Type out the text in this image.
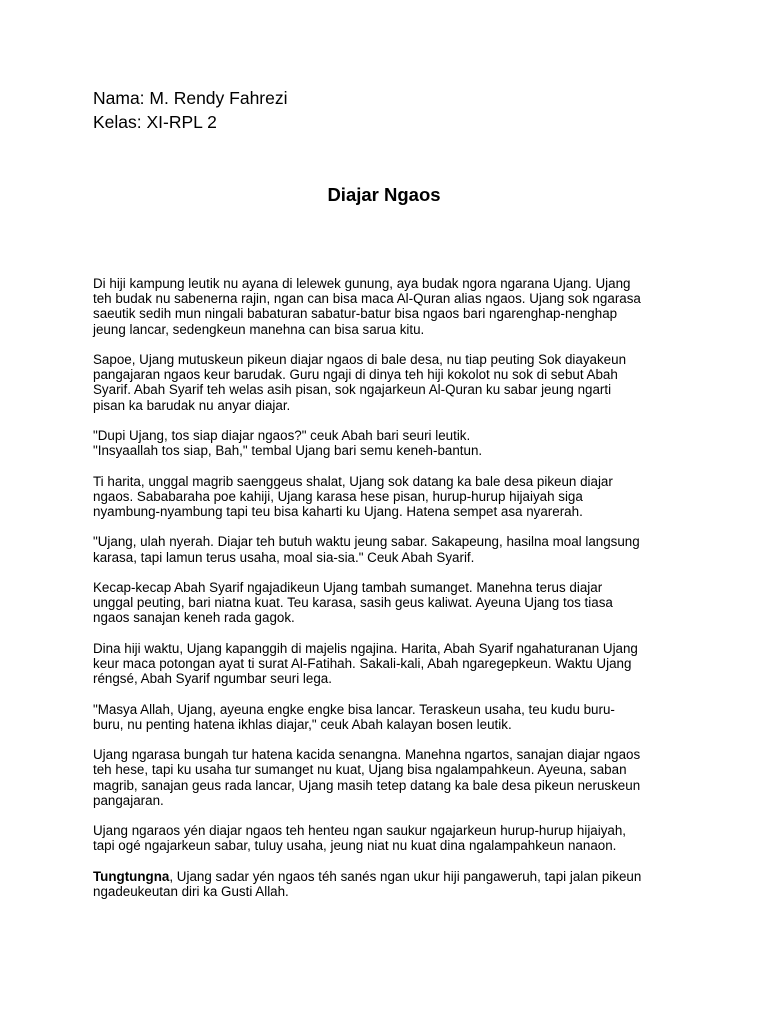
Nama: M. Rendy Fahrezi
Kelas: XI-RPL 2
Diajar Ngaos

Di hiji kampung leutik nu ayana di lelewek gunung, aya budak ngora ngarana Ujang. Ujang
teh budak nu sabenerna rajin, ngan can bisa maca Al-Quran alias ngaos. Ujang sok ngarasa
saeutik sedih mun ningali babaturan sabatur-batur bisa ngaos bari ngarenghap-nenghap
jeung lancar, sedengkeun manehna can bisa sarua kitu.

Sapoe, Ujang mutuskeun pikeun diajar ngaos di bale desa, nu tiap peuting Sok diayakeun
pangajaran ngaos keur barudak. Guru ngaji di dinya teh hiji kokolot nu sok di sebut Abah
Syarif. Abah Syarif teh welas asih pisan, sok ngajarkeun Al-Quran ku sabar jeung ngarti
pisan ka barudak nu anyar diajar.

"Dupi Ujang, tos siap diajar ngaos?" ceuk Abah bari seuri leutik.
"Insyaallah tos siap, Bah," tembal Ujang bari semu keneh-bantun.

Ti harita, unggal magrib saenggeus shalat, Ujang sok datang ka bale desa pikeun diajar
ngaos. Sababaraha poe kahiji, Ujang karasa hese pisan, hurup-hurup hijaiyah siga
nyambung-nyambung tapi teu bisa kaharti ku Ujang. Hatena sempet asa nyarerah.

"Ujang, ulah nyerah. Diajar teh butuh waktu jeung sabar. Sakapeung, hasilna moal langsung
karasa, tapi lamun terus usaha, moal sia-sia." Ceuk Abah Syarif.

Kecap-kecap Abah Syarif ngajadikeun Ujang tambah sumanget. Manehna terus diajar
unggal peuting, bari niatna kuat. Teu karasa, sasih geus kaliwat. Ayeuna Ujang tos tiasa
ngaos sanajan keneh rada gagok.

Dina hiji waktu, Ujang kapanggih di majelis ngajina. Harita, Abah Syarif ngahaturanan Ujang
keur maca potongan ayat ti surat Al-Fatihah. Sakali-kali, Abah ngaregepkeun. Waktu Ujang
réngsé, Abah Syarif ngumbar seuri lega.

"Masya Allah, Ujang, ayeuna engke engke bisa lancar. Teraskeun usaha, teu kudu buru-
buru, nu penting hatena ikhlas diajar," ceuk Abah kalayan bosen leutik.

Ujang ngarasa bungah tur hatena kacida senangna. Manehna ngartos, sanajan diajar ngaos
teh hese, tapi ku usaha tur sumanget nu kuat, Ujang bisa ngalampahkeun. Ayeuna, saban
magrib, sanajan geus rada lancar, Ujang masih tetep datang ka bale desa pikeun neruskeun
pangajaran.

Ujang ngaraos yén diajar ngaos teh henteu ngan saukur ngajarkeun hurup-hurup hijaiyah,
tapi ogé ngajarkeun sabar, tuluy usaha, jeung niat nu kuat dina ngalampahkeun nanaon.

Tungtungna, Ujang sadar yén ngaos téh sanés ngan ukur hiji pangaweruh, tapi jalan pikeun
ngadeukeutan diri ka Gusti Allah.
